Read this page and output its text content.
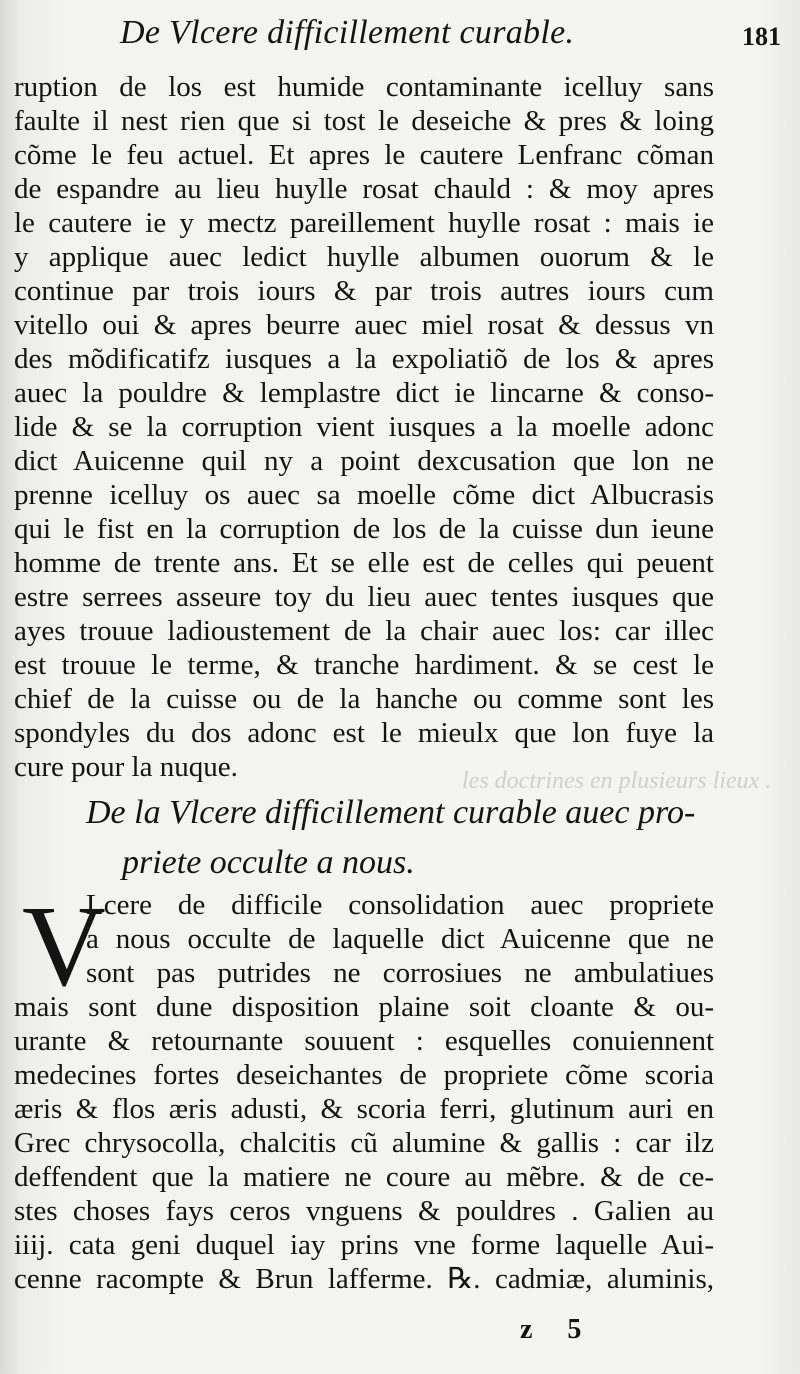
les doctrines en plusieurs lieux .
De Vlcere difficillement curable.	181
ruption de los est humide contaminante icelluy sans
faulte il nest rien que si tost le deseiche & pres & loing
cõme le feu actuel. Et apres le cautere Lenfranc cõman
de espandre au lieu huylle rosat chauld : & moy apres
le cautere ie y mectz pareillement huylle rosat : mais ie
y applique auec ledict huylle albumen ouorum & le
continue par trois iours & par trois autres iours cum
vitello oui & apres beurre auec miel rosat & dessus vn
des mõdificatifz iusques a la expoliatiõ de los & apres
auec la pouldre & lemplastre dict ie lincarne & conso-
lide & se la corruption vient iusques a la moelle adonc
dict Auicenne quil ny a point dexcusation que lon ne
prenne icelluy os auec sa moelle cõme dict Albucrasis
qui le fist en la corruption de los de la cuisse dun ieune
homme de trente ans. Et se elle est de celles qui peuent
estre serrees asseure toy du lieu auec tentes iusques que
ayes trouue ladioustement de la chair auec los: car illec
est trouue le terme, & tranche hardiment. & se cest le
chief de la cuisse ou de la hanche ou comme sont les
spondyles du dos adonc est le mieulx que lon fuye la
cure pour la nuque.
De la Vlcere difficillement curable auec pro-
priete occulte a nous.
V
Lcere de difficile consolidation auec propriete
a nous occulte de laquelle dict Auicenne que ne
sont pas putrides ne corrosiues ne ambulatiues
mais sont dune disposition plaine soit cloante & ou-
urante & retournante souuent : esquelles conuiennent
medecines fortes deseichantes de propriete cõme scoria
æris & flos æris adusti, & scoria ferri, glutinum auri en
Grec chrysocolla, chalcitis cũ alumine & gallis : car ilz
deffendent que la matiere ne coure au mẽbre. & de ce-
stes choses fays ceros vnguens & pouldres . Galien au
iiij. cata geni duquel iay prins vne forme laquelle Aui-
cenne racompte & Brun lafferme. ℞. cadmiæ, aluminis,
z 5
